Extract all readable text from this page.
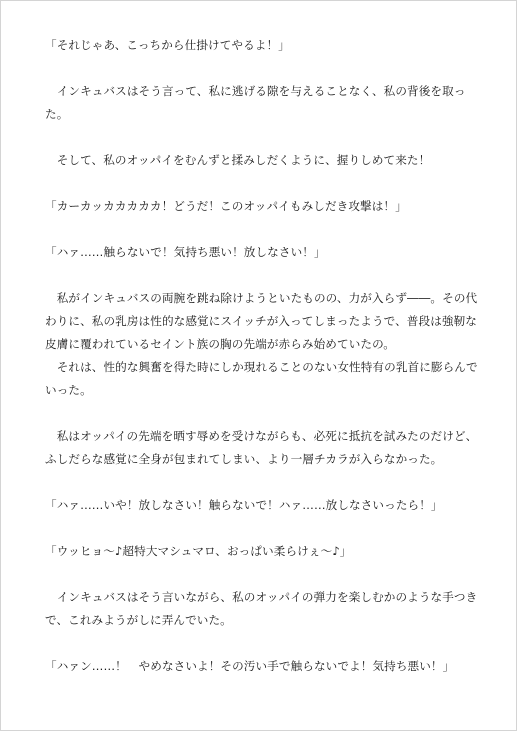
「それじゃあ、こっちから仕掛けてやるよ！」

　インキュバスはそう言って、私に逃げる隙を与えることなく、私の背後を取った。

　そして、私のオッパイをむんずと揉みしだくように、握りしめて来た！

「カーカッカカカカカ！どうだ！このオッパイもみしだき攻撃は！」

「ハァ……触らないで！気持ち悪い！放しなさい！」

　私がインキュバスの両腕を跳ね除けようといたものの、力が入らず――。その代わりに、私の乳房は性的な感覚にスイッチが入ってしまったようで、普段は強靭な皮膚に覆われているセイント族の胸の先端が赤らみ始めていたの。

　それは、性的な興奮を得た時にしか現れることのない女性特有の乳首に膨らんでいった。

　私はオッパイの先端を晒す辱めを受けながらも、必死に抵抗を試みたのだけど、ふしだらな感覚に全身が包まれてしまい、より一層チカラが入らなかった。

「ハァ……いや！放しなさい！触らないで！ハァ……放しなさいったら！」

「ウッヒョ～♪超特大マシュマロ、おっぱい柔らけぇ～♪」

　インキュバスはそう言いながら、私のオッパイの弾力を楽しむかのような手つきで、これみようがしに弄んでいた。

「ハァン……！　やめなさいよ！その汚い手で触らないでよ！気持ち悪い！」
